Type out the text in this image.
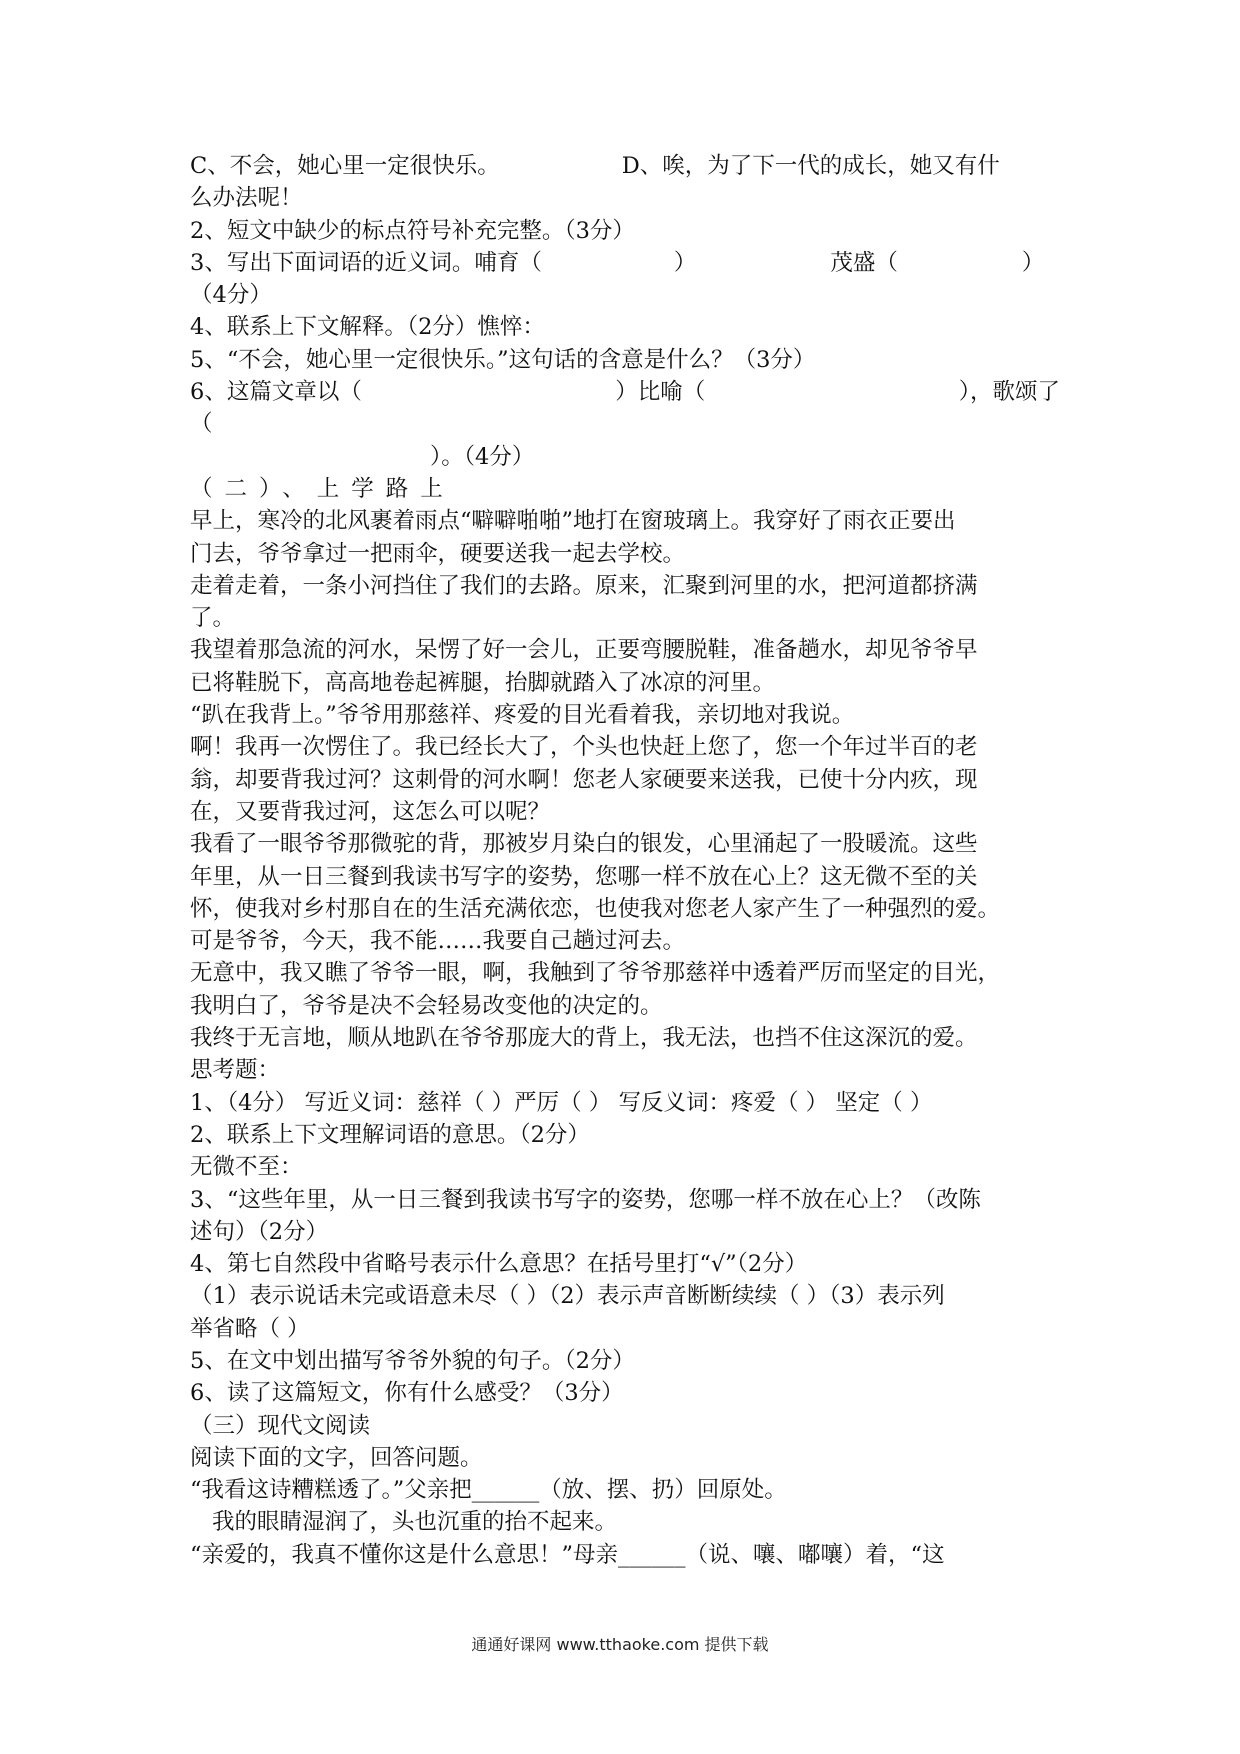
C、不会，她心里一定很快乐。	D、唉，为了下一代的成长，她又有什
么办法呢！
2、短文中缺少的标点符号补充完整。（3分）
3、写出下面词语的近义词。哺育（	）	茂盛（	）
（4分）
4、联系上下文解释。（2分）憔悴：
5、“不会，她心里一定很快乐。”这句话的含意是什么？（3分）
6、这篇文章以（	）比喻（	），歌颂了
（
）。（4分）
（二）、上学路上
早上，寒冷的北风裹着雨点“噼噼啪啪”地打在窗玻璃上。我穿好了雨衣正要出
门去，爷爷拿过一把雨伞，硬要送我一起去学校。
走着走着，一条小河挡住了我们的去路。原来，汇聚到河里的水，把河道都挤满
了。
我望着那急流的河水，呆愣了好一会儿，正要弯腰脱鞋，准备趟水，却见爷爷早
已将鞋脱下，高高地卷起裤腿，抬脚就踏入了冰凉的河里。
“趴在我背上。”爷爷用那慈祥、疼爱的目光看着我，亲切地对我说。
啊！我再一次愣住了。我已经长大了，个头也快赶上您了，您一个年过半百的老
翁，却要背我过河？这刺骨的河水啊！您老人家硬要来送我，已使十分内疚，现
在，又要背我过河，这怎么可以呢？
我看了一眼爷爷那微驼的背，那被岁月染白的银发，心里涌起了一股暖流。这些
年里，从一日三餐到我读书写字的姿势，您哪一样不放在心上？这无微不至的关
怀，使我对乡村那自在的生活充满依恋，也使我对您老人家产生了一种强烈的爱。
可是爷爷，今天，我不能……我要自己趟过河去。
无意中，我又瞧了爷爷一眼，啊，我触到了爷爷那慈祥中透着严厉而坚定的目光，
我明白了，爷爷是决不会轻易改变他的决定的。
我终于无言地，顺从地趴在爷爷那庞大的背上，我无法，也挡不住这深沉的爱。
思考题：
1、（4分） 写近义词：慈祥（ ）严厉（ ） 写反义词：疼爱（ ） 坚定（ ）
2、联系上下文理解词语的意思。（2分）
无微不至：
3、“这些年里，从一日三餐到我读书写字的姿势，您哪一样不放在心上？（改陈
述句）（2分）
4、第七自然段中省略号表示什么意思？在括号里打“√”（2分）
（1）表示说话未完或语意未尽（ ）（2）表示声音断断续续（ ）（3）表示列
举省略（ ）
5、在文中划出描写爷爷外貌的句子。（2分）
6、读了这篇短文，你有什么感受？（3分）
（三）现代文阅读
阅读下面的文字，回答问题。
“我看这诗糟糕透了。”父亲把______（放、摆、扔）回原处。
我的眼睛湿润了，头也沉重的抬不起来。
“亲爱的，我真不懂你这是什么意思！”母亲______（说、嚷、嘟嚷）着，“这
通通好课网 www.tthaoke.com 提供下载
